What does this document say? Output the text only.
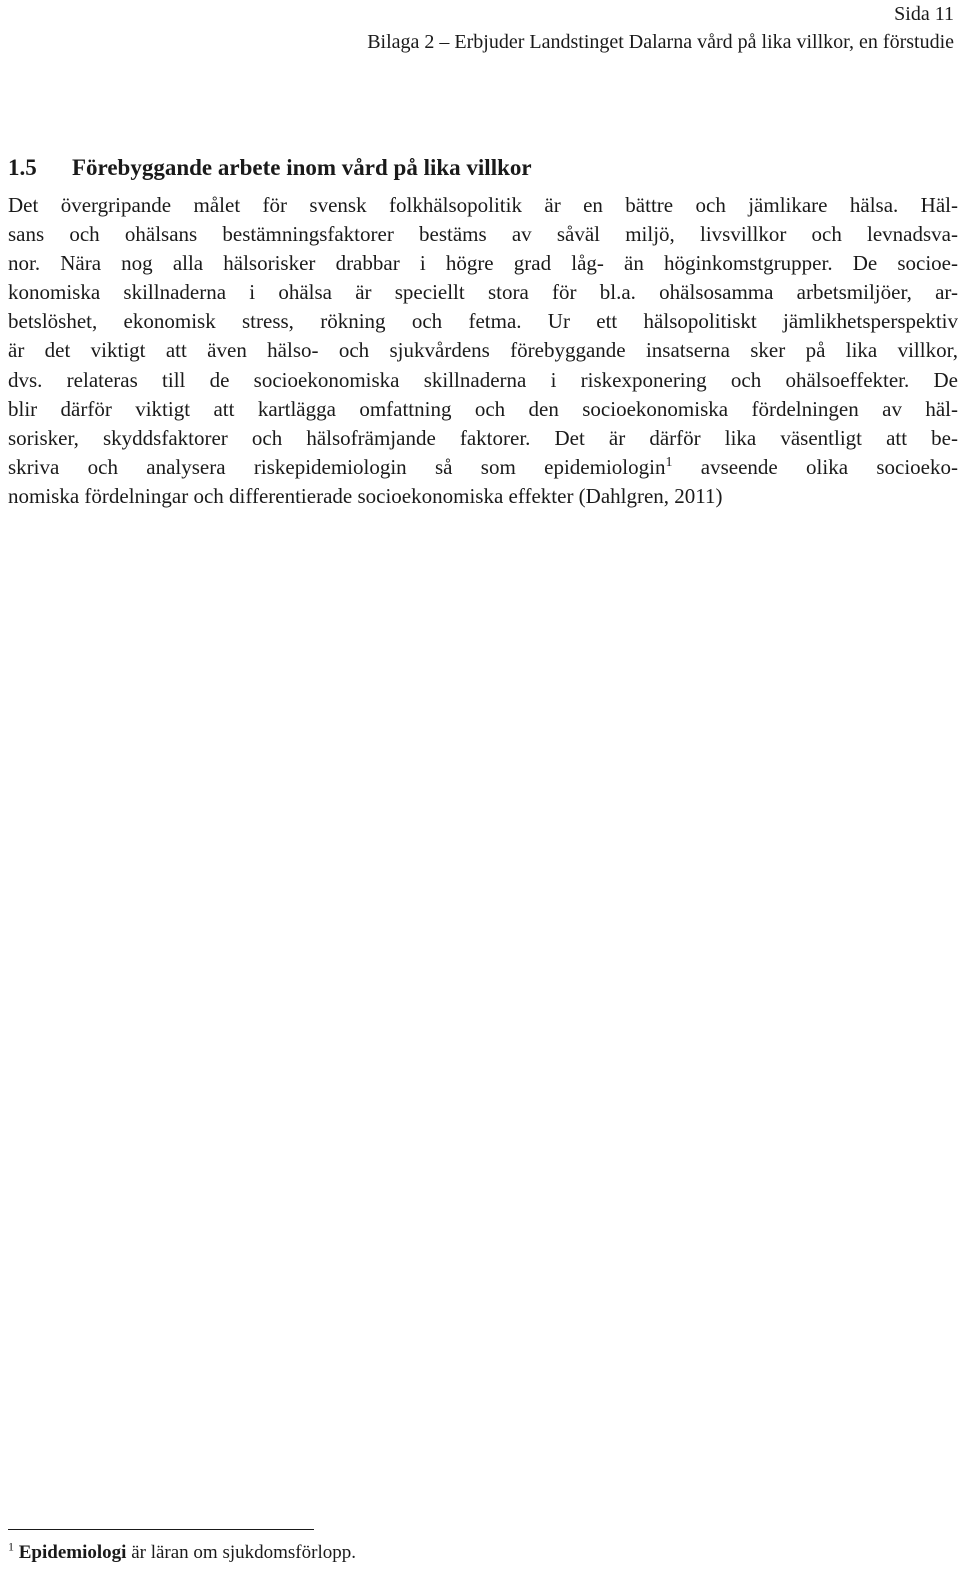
Sida 11
Bilaga 2 – Erbjuder Landstinget Dalarna vård på lika villkor, en förstudie
1.5 Förebyggande arbete inom vård på lika villkor
Det övergripande målet för svensk folkhälsopolitik är en bättre och jämlikare hälsa. Häl-
sans och ohälsans bestämningsfaktorer bestäms av såväl miljö, livsvillkor och levnadsva-
nor. Nära nog alla hälsorisker drabbar i högre grad låg- än höginkomstgrupper. De socioe-
konomiska skillnaderna i ohälsa är speciellt stora för bl.a. ohälsosamma arbetsmiljöer, ar-
betslöshet, ekonomisk stress, rökning och fetma. Ur ett hälsopolitiskt jämlikhetsperspektiv
är det viktigt att även hälso- och sjukvårdens förebyggande insatserna sker på lika villkor,
dvs. relateras till de socioekonomiska skillnaderna i riskexponering och ohälsoeffekter. De
blir därför viktigt att kartlägga omfattning och den socioekonomiska fördelningen av häl-
sorisker, skyddsfaktorer och hälsofrämjande faktorer. Det är därför lika väsentligt att be-
skriva och analysera riskepidemiologin så som epidemiologin$^1$ avseende olika socioeko-
nomiska fördelningar och differentierade socioekonomiska effekter (Dahlgren, 2011)
$^1$ Epidemiologi är läran om sjukdomsförlopp.
